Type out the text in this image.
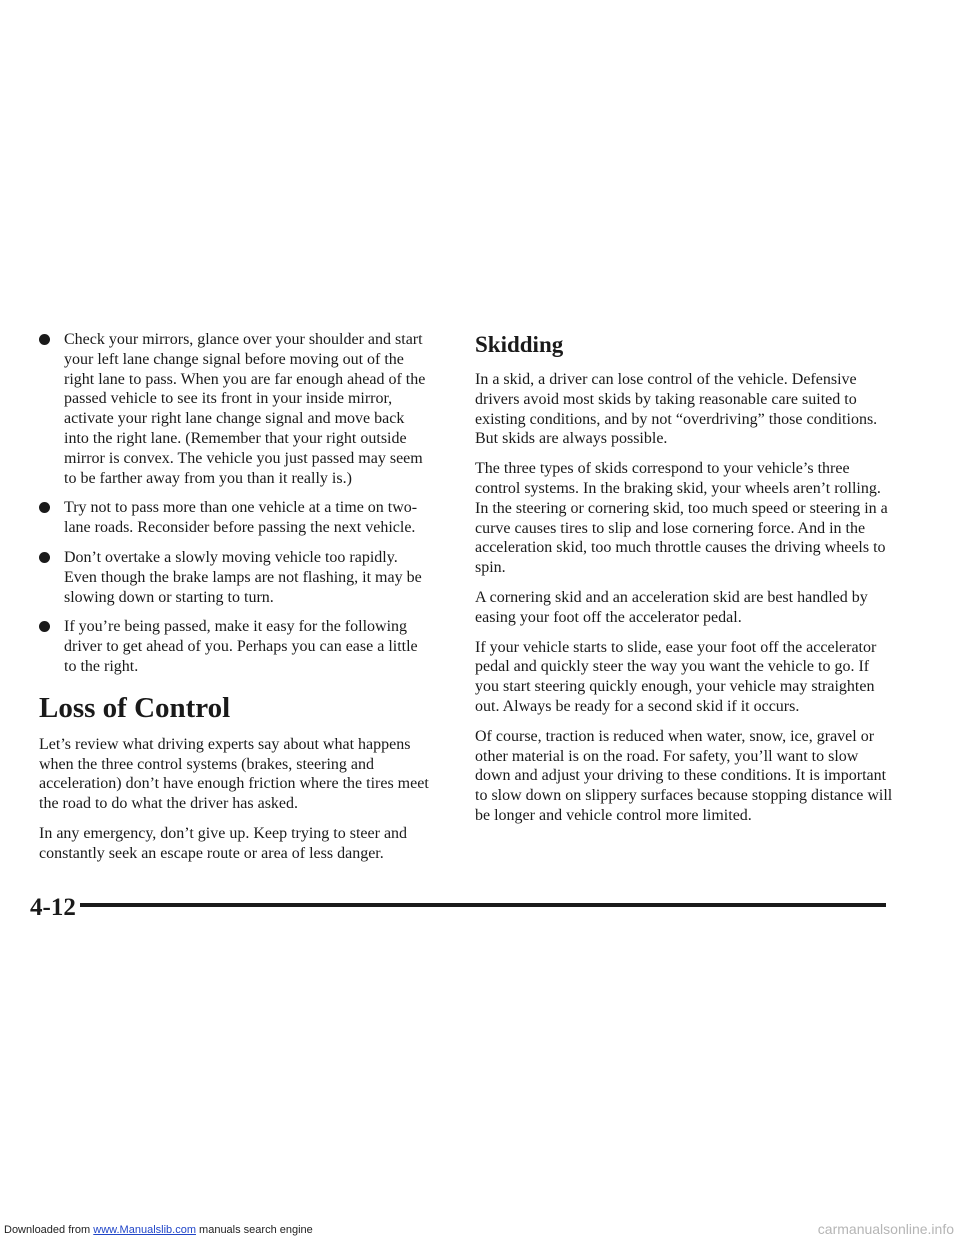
Check your mirrors, glance over your shoulder and start your left lane change signal before moving out of the right lane to pass. When you are far enough ahead of the passed vehicle to see its front in your inside mirror, activate your right lane change signal and move back into the right lane. (Remember that your right outside mirror is convex. The vehicle you just passed may seem to be farther away from you than it really is.)
Try not to pass more than one vehicle at a time on two-lane roads. Reconsider before passing the next vehicle.
Don’t overtake a slowly moving vehicle too rapidly. Even though the brake lamps are not flashing, it may be slowing down or starting to turn.
If you’re being passed, make it easy for the following driver to get ahead of you. Perhaps you can ease a little to the right.
Loss of Control

Let’s review what driving experts say about what happens when the three control systems (brakes, steering and acceleration) don’t have enough friction where the tires meet the road to do what the driver has asked.

In any emergency, don’t give up. Keep trying to steer and constantly seek an escape route or area of less danger.

Skidding

In a skid, a driver can lose control of the vehicle. Defensive drivers avoid most skids by taking reasonable care suited to existing conditions, and by not “overdriving” those conditions. But skids are always possible.

The three types of skids correspond to your vehicle’s three control systems. In the braking skid, your wheels aren’t rolling. In the steering or cornering skid, too much speed or steering in a curve causes tires to slip and lose cornering force. And in the acceleration skid, too much throttle causes the driving wheels to spin.

A cornering skid and an acceleration skid are best handled by easing your foot off the accelerator pedal.

If your vehicle starts to slide, ease your foot off the accelerator pedal and quickly steer the way you want the vehicle to go. If you start steering quickly enough, your vehicle may straighten out. Always be ready for a second skid if it occurs.

Of course, traction is reduced when water, snow, ice, gravel or other material is on the road. For safety, you’ll want to slow down and adjust your driving to these conditions. It is important to slow down on slippery surfaces because stopping distance will be longer and vehicle control more limited.

4-12
Downloaded from www.Manualslib.com manuals search engine	carmanualsonline.info
